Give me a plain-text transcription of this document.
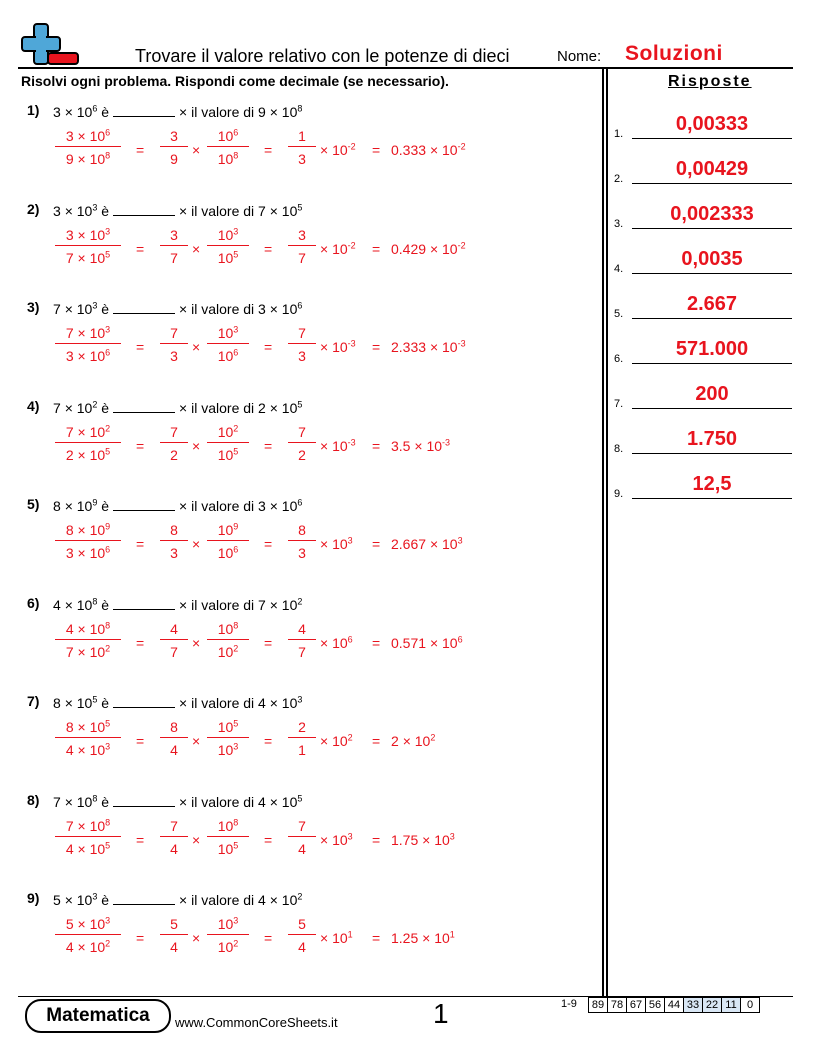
Trovare il valore relativo con le potenze di dieci	Nome: Soluzioni
Risolvi ogni problema. Rispondi come decimale (se necessario).	Risposte
1.	0,00333
2.	0,00429
3.	0,002333
4.	0,0035
5.	2.667
6.	571.000
7.	200
8.	1.750
9.	12,5
1) $3 \times 10^6$ è	× il valore di $9 \times 10^8$
$3 \times 10^6$
$9 \times 10^8$	=
3
9
×
$10^6$
$10^8$	=
1
3
× $10^{-2} = 0.333 \times 10^{-2}$
2) $3 \times 10^3$ è	× il valore di $7 \times 10^5$
$3 \times 10^3$
$7 \times 10^5$	=
3
7
×
$10^3$
$10^5$	=
3
7
× $10^{-2} = 0.429 \times 10^{-2}$
3) $7 \times 10^3$ è	× il valore di $3 \times 10^6$
$7 \times 10^3$
$3 \times 10^6$	=
7
3
×
$10^3$
$10^6$	=
7
3
× $10^{-3} = 2.333 \times 10^{-3}$
4) $7 \times 10^2$ è	× il valore di $2 \times 10^5$
$7 \times 10^2$
$2 \times 10^5$	=
7
2
×
$10^2$
$10^5$	=
7
2
× $10^{-3} = 3.5 \times 10^{-3}$
5) $8 \times 10^9$ è	× il valore di $3 \times 10^6$
$8 \times 10^9$
$3 \times 10^6$	=
8
3
×
$10^9$
$10^6$	=
8
3
× $10^3 = 2.667 \times 10^3$
6) $4 \times 10^8$ è	× il valore di $7 \times 10^2$
$4 \times 10^8$
$7 \times 10^2$	=
4
7
×
$10^8$
$10^2$	=
4
7
× $10^6 = 0.571 \times 10^6$
7) $8 \times 10^5$ è	× il valore di $4 \times 10^3$
$8 \times 10^5$
$4 \times 10^3$	=
8
4
×
$10^5$
$10^3$	=
2
1
× $10^2 = 2 \times 10^2$
8) $7 \times 10^8$ è	× il valore di $4 \times 10^5$
$7 \times 10^8$
$4 \times 10^5$	=
7
4
×
$10^8$
$10^5$	=
7
4
× $10^3 = 1.75 \times 10^3$
9) $5 \times 10^3$ è	× il valore di $4 \times 10^2$
$5 \times 10^3$
$4 \times 10^2$	=
5
4
×
$10^3$
$10^2$	=
5
4
× $10^1 = 1.25 \times 10^1$
Matematica	www.CommonCoreSheets.it	1	1-9 89	78	67	56	44	33	22	11	0
